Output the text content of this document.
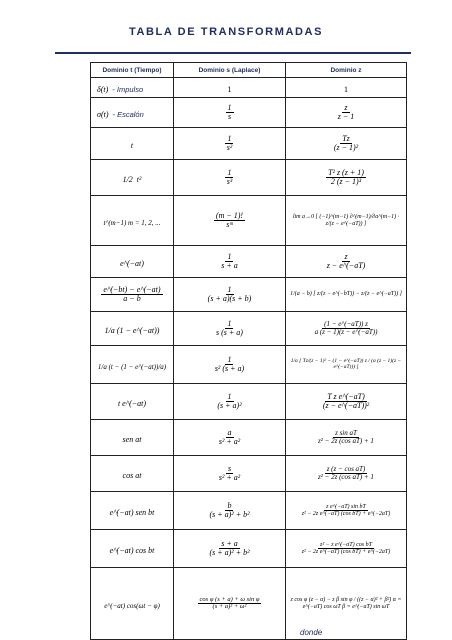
TABLA DE TRANSFORMADAS
Dominio t (Tiempo)	Dominio s (Laplace)	Dominio z
δ(t) - Impulso	1	1
σ(t) - Escalón	$\frac{1}{s}$	$\frac{z}{z - 1}$

t	$\frac{1}{\text{s²}}$	$\frac{Tz}{\text{(z − 1)²}}$

1/2 t²	$\frac{1}{\text{s³}}$	$\frac{\text{T² z (z + 1)}}{\text{2 (z − 1)³}}$

t^(m−1) m = 1, 2, ...	$\frac{(m - 1)!}{\text{sᵐ}}$	lim a→0 [ (−1)^(m−1) ∂^(m−1)/∂a^(m−1) · z/(z − e^(−aT)) ]

e^(−at)	$\frac{1}{s + a}$	$\frac{z}{z - e\^{}(-aT)}$

$\frac{e\^{}(-bt) - e\^{}(-at)}{a - b}$	$\frac{1}{(s + a)(s + b)}$	1/(a − b) [ z/(z − e^(−bT)) − z/(z − e^(−aT)) ]

1/a (1 − e^(−at))	$\frac{1}{s (s + a)}$	$\frac{(1 - e\^{}(-aT)) z}{a (z - 1)(z - e\^{}(-aT))}$

1/a (t − (1 − e^(−at))/a)	$\frac{1}{\text{s² (s + a)}}$	1/a [ Tz/(z − 1)² − (1 − e^(−aT)) z / (a (z − 1)(z − e^(−aT))) ]

t e^(−at)	$\frac{1}{\text{(s + a)²}}$	$\frac{\text{T z e\textasciicircum{}(−aT)}}{\text{(z − e\textasciicircum{}(−aT))²}}$

sen at	$\frac{a}{\text{s² + a²}}$	$\frac{\text{z sin aT}}{\text{z² − 2z (cos aT) + 1}}$

cos at	$\frac{s}{\text{s² + a²}}$	$\frac{\text{z (z − cos aT)}}{\text{z² − 2z (cos aT) + 1}}$

e^(−at) sen bt	$\frac{b}{\text{(s + a)² + b²}}$	$\frac{\text{z e\textasciicircum{}(−aT) sin bT}}{\text{z² − 2z e\textasciicircum{}(−aT) (cos bT) + e\textasciicircum{}(−2aT)}}$

e^(−at) cos bt	$\frac{s + a}{\text{(s + a)² + b²}}$	$\frac{\text{z² − z e\textasciicircum{}(−aT) cos bT}}{\text{z² − 2z e\textasciicircum{}(−aT) (cos bT) + e\textasciicircum{}(−2aT)}}$

e^(−at) cos(ωt − φ)	$\frac{\text{cos φ (s + a) + ω sin φ}}{\text{(s + a)² + ω²}}$	z cos φ (z − α) − z β sin φ / ((z − α)² + β²) α = e^(−aT) cos ωT β = e^(−aT) sin ωT
donde
